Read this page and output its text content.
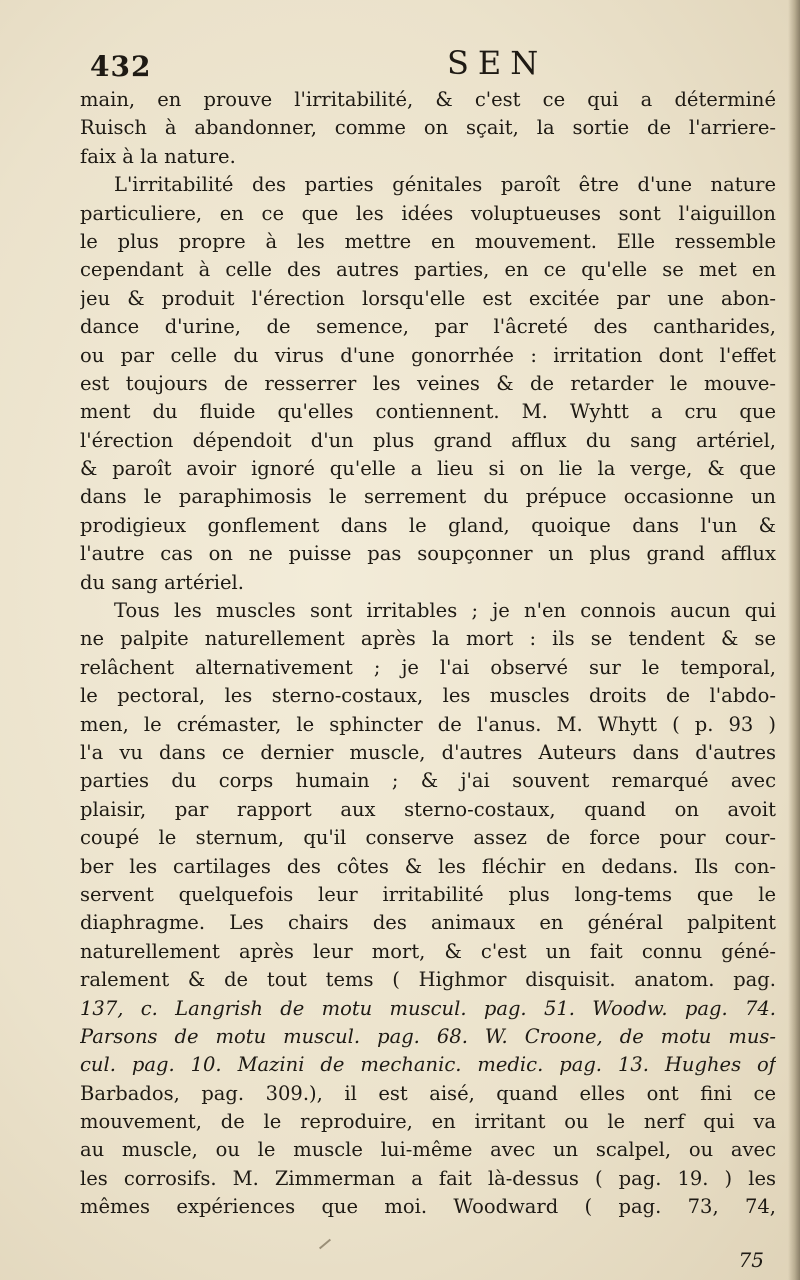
432	SEN
main, en prouve l'irritabilité, & c'est ce qui a déterminé
Ruisch à abandonner, comme on sçait, la sortie de l'arriere-
faix à la nature.
L'irritabilité des parties génitales paroît être d'une nature
particuliere, en ce que les idées voluptueuses sont l'aiguillon
le plus propre à les mettre en mouvement. Elle ressemble
cependant à celle des autres parties, en ce qu'elle se met en
jeu & produit l'érection lorsqu'elle est excitée par une abon-
dance d'urine, de semence, par l'âcreté des cantharides,
ou par celle du virus d'une gonorrhée : irritation dont l'effet
est toujours de resserrer les veines & de retarder le mouve-
ment du fluide qu'elles contiennent. M. Wyhtt a cru que
l'érection dépendoit d'un plus grand afflux du sang artériel,
& paroît avoir ignoré qu'elle a lieu si on lie la verge, & que
dans le paraphimosis le serrement du prépuce occasionne un
prodigieux gonflement dans le gland, quoique dans l'un &
l'autre cas on ne puisse pas soupçonner un plus grand afflux
du sang artériel.
Tous les muscles sont irritables ; je n'en connois aucun qui
ne palpite naturellement après la mort : ils se tendent & se
relâchent alternativement ; je l'ai observé sur le temporal,
le pectoral, les sterno-costaux, les muscles droits de l'abdo-
men, le crémaster, le sphincter de l'anus. M. Whytt ( p. 93 )
l'a vu dans ce dernier muscle, d'autres Auteurs dans d'autres
parties du corps humain ; & j'ai souvent remarqué avec
plaisir, par rapport aux sterno-costaux, quand on avoit
coupé le sternum, qu'il conserve assez de force pour cour-
ber les cartilages des côtes & les fléchir en dedans. Ils con-
servent quelquefois leur irritabilité plus long-tems que le
diaphragme. Les chairs des animaux en général palpitent
naturellement après leur mort, & c'est un fait connu géné-
ralement & de tout tems ( Highmor disquisit. anatom. pag.
137, c. Langrish de motu muscul. pag. 51. Woodw. pag. 74.
Parsons de motu muscul. pag. 68. W. Croone, de motu mus-
cul. pag. 10. Mazini de mechanic. medic. pag. 13. Hughes of
Barbados, pag. 309.), il est aisé, quand elles ont fini ce
mouvement, de le reproduire, en irritant ou le nerf qui va
au muscle, ou le muscle lui-même avec un scalpel, ou avec
les corrosifs. M. Zimmerman a fait là-dessus ( pag. 19. ) les
mêmes expériences que moi. Woodward ( pag. 73, 74,
75
